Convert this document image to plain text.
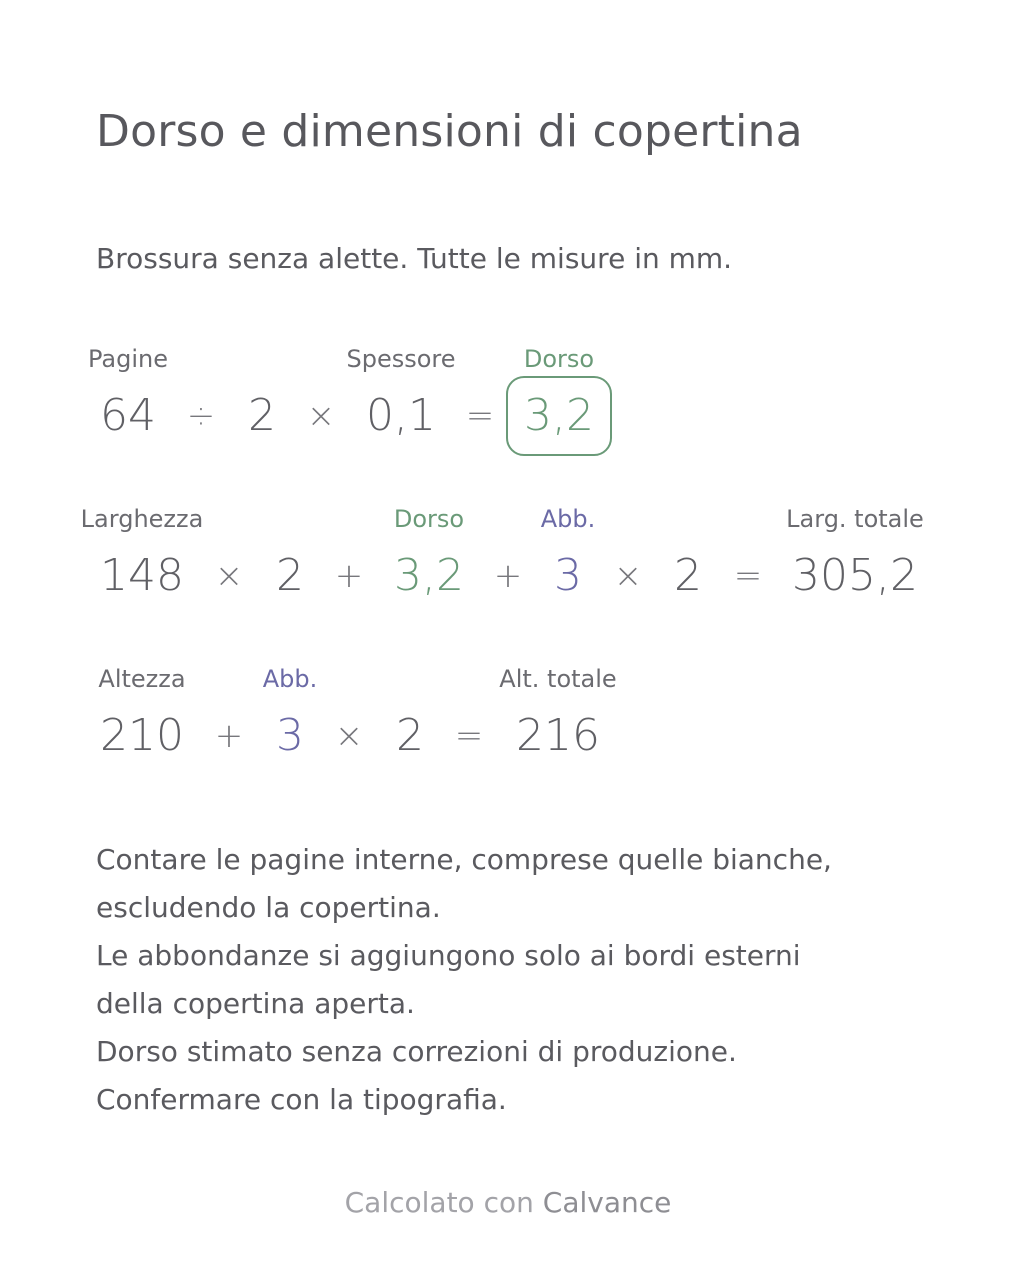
Dorso e dimensioni di copertina
Brossura senza alette. Tutte le misure in mm.
Pagine	Spessore	Dorso
64 ÷ 2 × 0,1 = 3,2
Larghezza	Dorso	Abb.	Larg. totale
148 × 2 + 3,2 + 3 × 2 = 305,2
Altezza	Abb.	Alt. totale
210 + 3 × 2 = 216
Contare le pagine interne, comprese quelle bianche,
escludendo la copertina.
Le abbondanze si aggiungono solo ai bordi esterni
della copertina aperta.
Dorso stimato senza correzioni di produzione.
Confermare con la tipografia.
Calcolato con Calvance
